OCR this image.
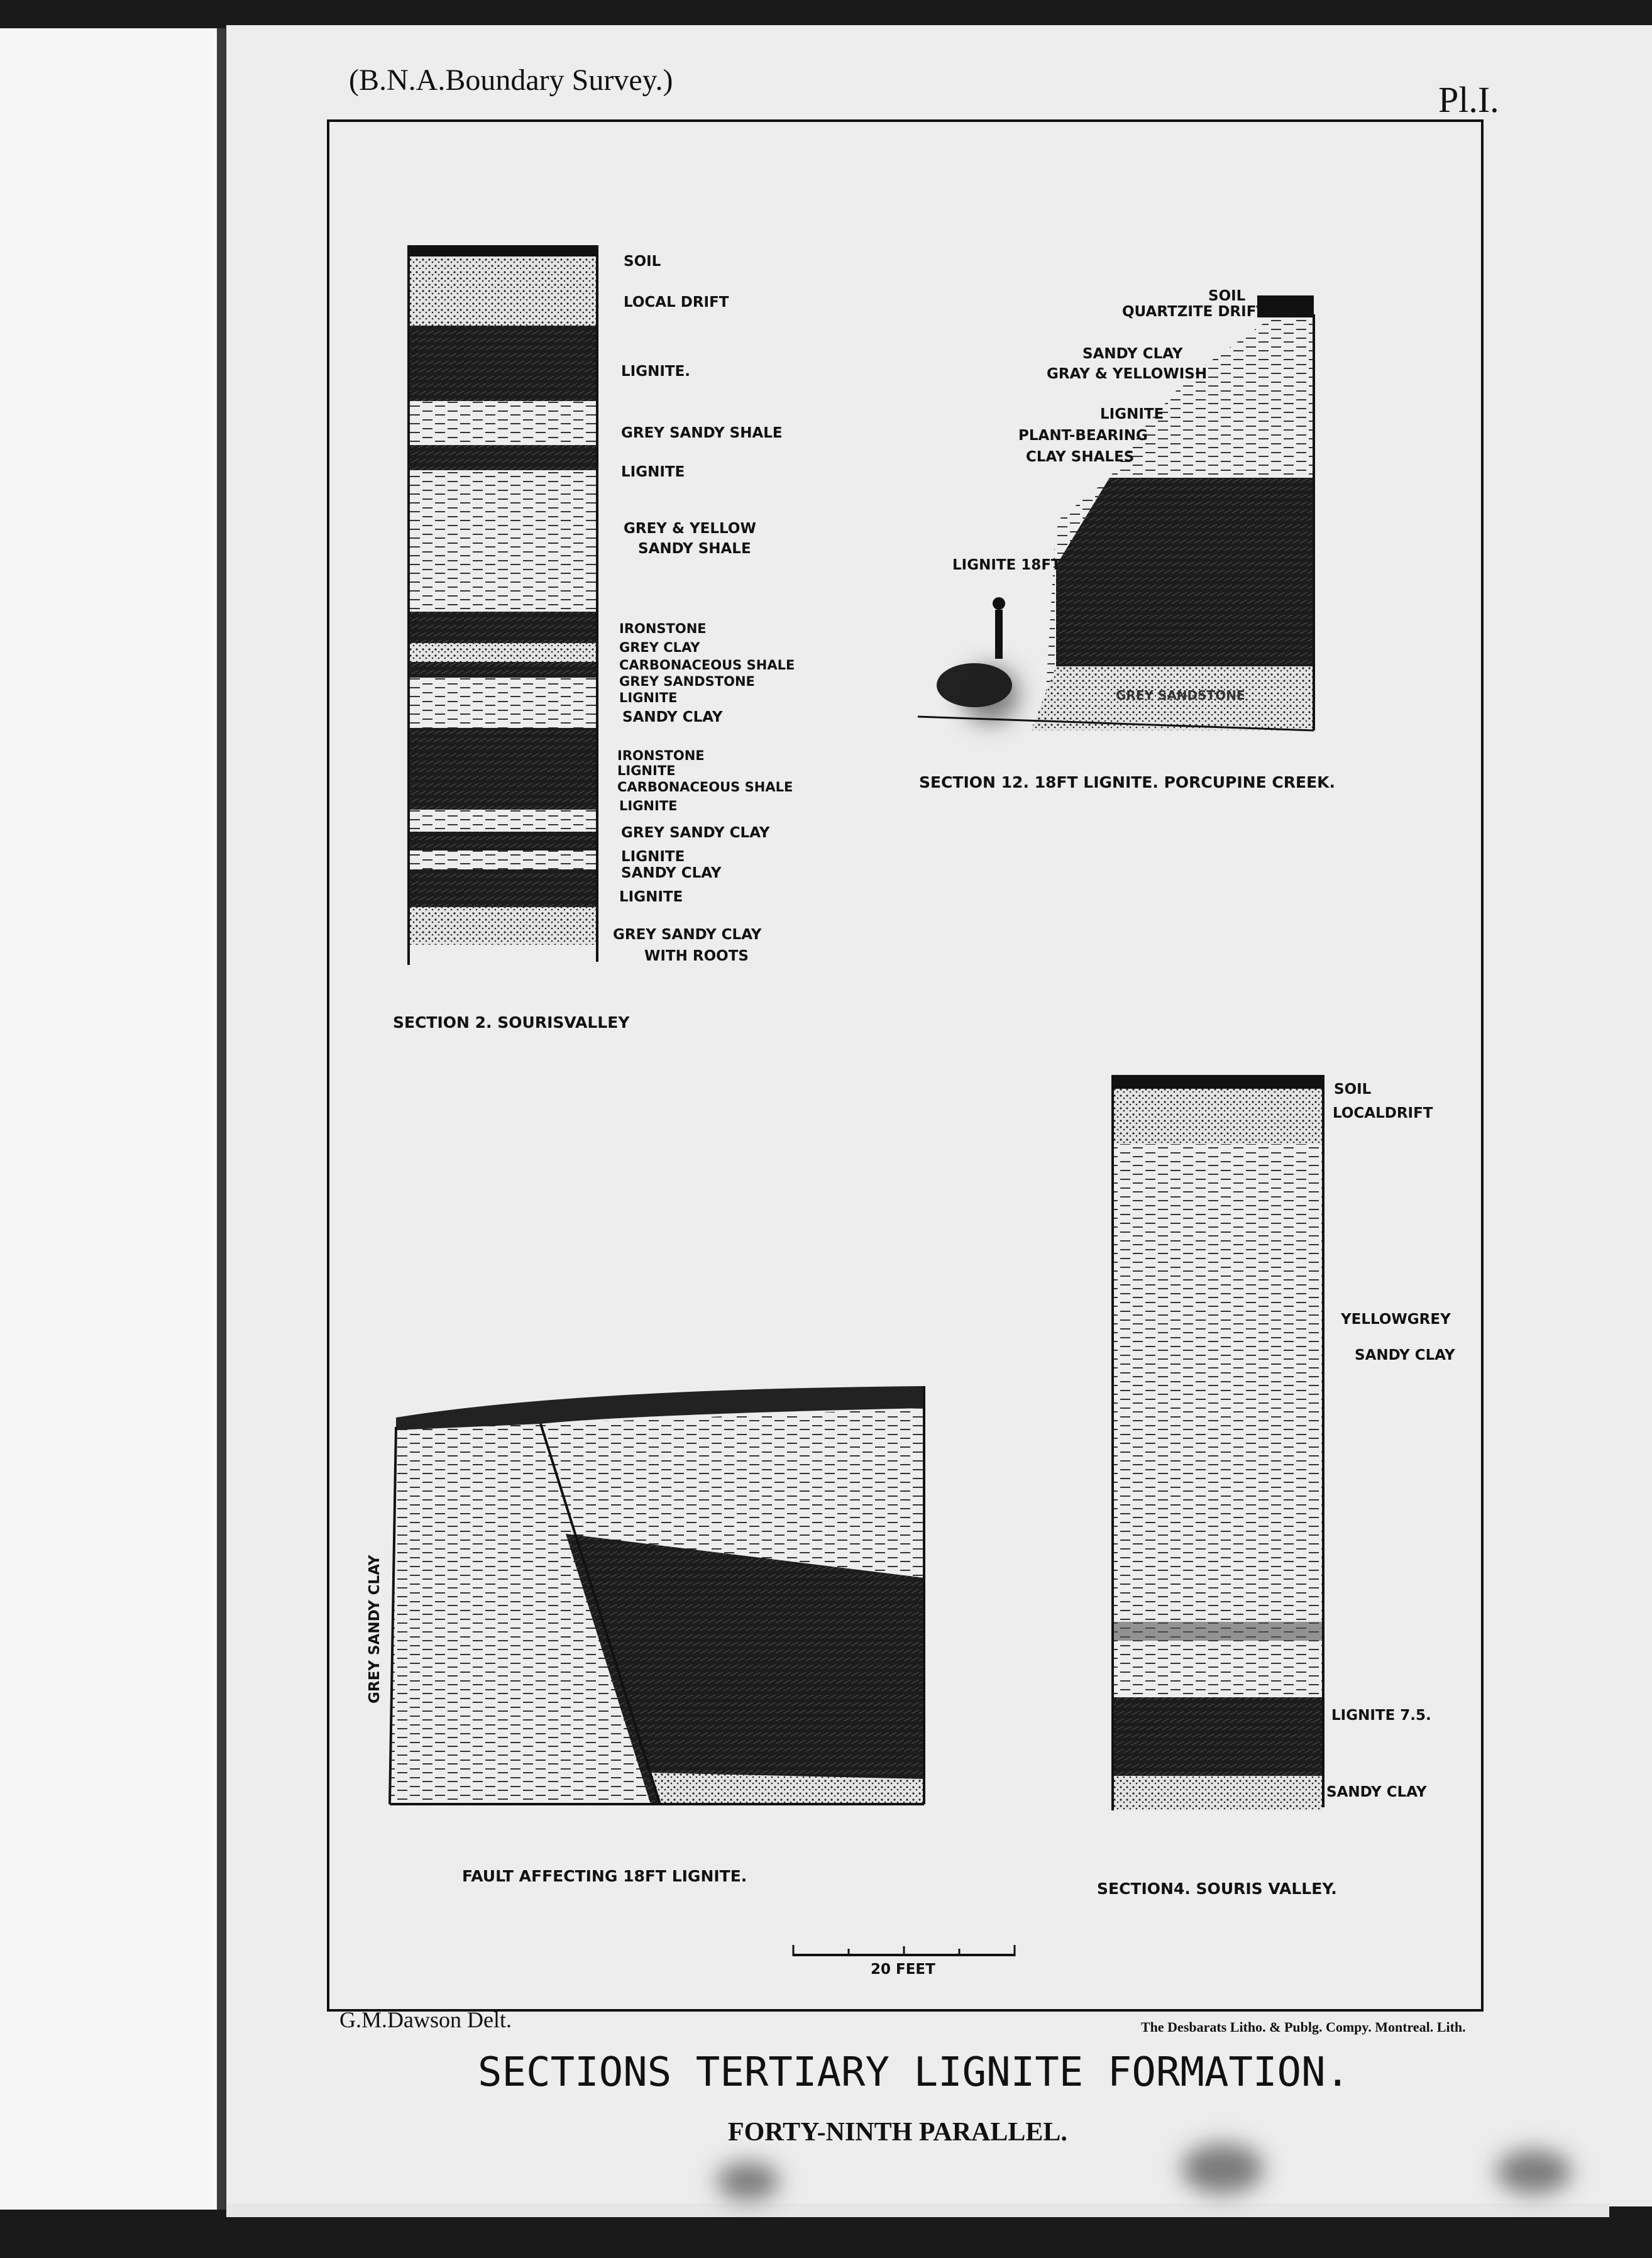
(B.N.A.Boundary Survey.)	Pl.I.
SOIL
LOCAL DRIFT
LIGNITE.
GREY SANDY SHALE
LIGNITE
GREY & YELLOW
SANDY SHALE
IRONSTONE
GREY CLAY
CARBONACEOUS SHALE
GREY SANDSTONE
LIGNITE
SANDY CLAY
IRONSTONE
LIGNITE
CARBONACEOUS SHALE
LIGNITE
GREY SANDY CLAY
LIGNITE
SANDY CLAY
LIGNITE
GREY SANDY CLAY
WITH ROOTS
SECTION 2. SOURISVALLEY
SOIL
QUARTZITE DRIFT
SANDY CLAY
GRAY & YELLOWISH
LIGNITE
PLANT-BEARING
CLAY SHALES
LIGNITE 18FT
GREY SANDSTONE
SECTION 12. 18FT LIGNITE. PORCUPINE CREEK.
SOIL
LOCALDRIFT
YELLOWGREY
SANDY CLAY
LIGNITE 7.5.
SANDY CLAY
SECTION4. SOURIS VALLEY.
GREY SANDY CLAY
FAULT AFFECTING 18FT LIGNITE.
20 FEET
G.M.Dawson Delt.	The Desbarats Litho. & Publg. Compy. Montreal. Lith.
SECTIONS TERTIARY LIGNITE FORMATION.
FORTY-NINTH PARALLEL.
